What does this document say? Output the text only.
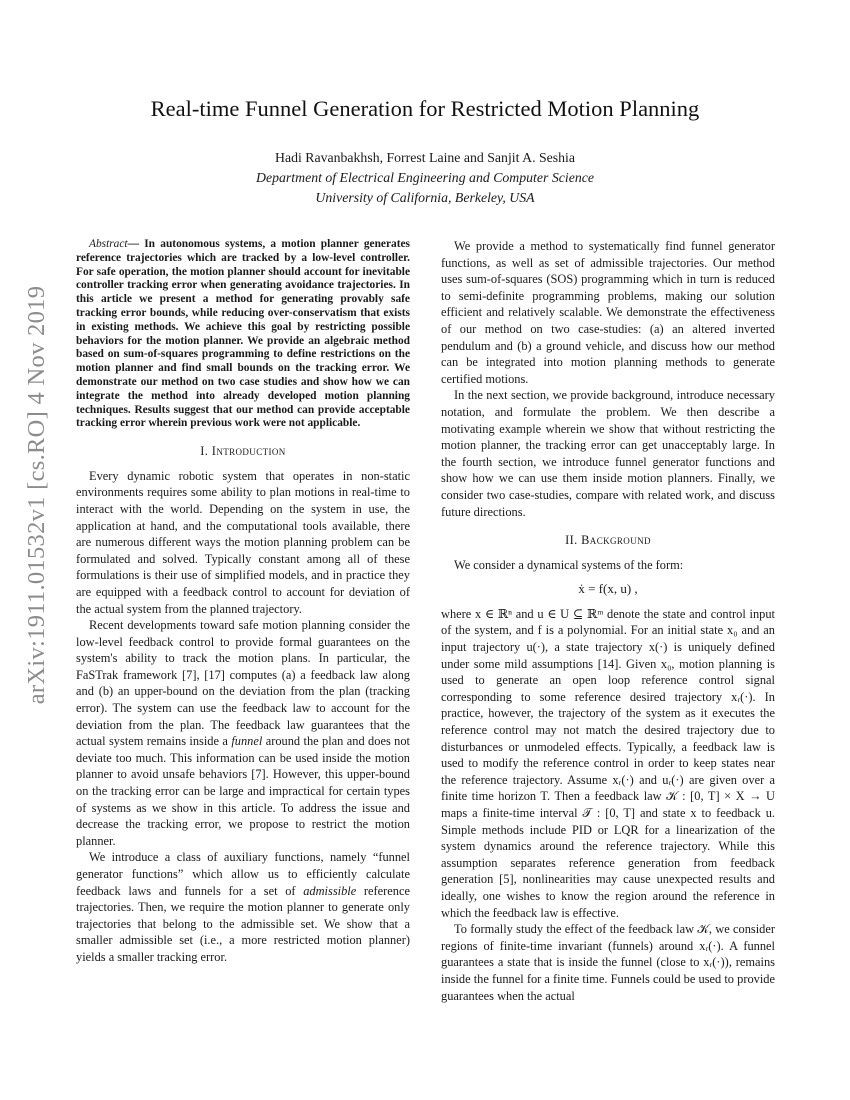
arXiv:1911.01532v1 [cs.RO] 4 Nov 2019
Real-time Funnel Generation for Restricted Motion Planning
Hadi Ravanbakhsh, Forrest Laine and Sanjit A. Seshia
Department of Electrical Engineering and Computer Science
University of California, Berkeley, USA

Abstract— In autonomous systems, a motion planner generates reference trajectories which are tracked by a low-level controller. For safe operation, the motion planner should account for inevitable controller tracking error when generating avoidance trajectories. In this article we present a method for generating provably safe tracking error bounds, while reducing over-conservatism that exists in existing methods. We achieve this goal by restricting possible behaviors for the motion planner. We provide an algebraic method based on sum-of-squares programming to define restrictions on the motion planner and find small bounds on the tracking error. We demonstrate our method on two case studies and show how we can integrate the method into already developed motion planning techniques. Results suggest that our method can provide acceptable tracking error wherein previous work were not applicable.

I. Introduction

Every dynamic robotic system that operates in non-static environments requires some ability to plan motions in real-time to interact with the world. Depending on the system in use, the application at hand, and the computational tools available, there are numerous different ways the motion planning problem can be formulated and solved. Typically constant among all of these formulations is their use of simplified models, and in practice they are equipped with a feedback control to account for deviation of the actual system from the planned trajectory.

Recent developments toward safe motion planning consider the low-level feedback control to provide formal guarantees on the system's ability to track the motion plans. In particular, the FaSTrak framework [7], [17] computes (a) a feedback law along and (b) an upper-bound on the deviation from the plan (tracking error). The system can use the feedback law to account for the deviation from the plan. The feedback law guarantees that the actual system remains inside a funnel around the plan and does not deviate too much. This information can be used inside the motion planner to avoid unsafe behaviors [7]. However, this upper-bound on the tracking error can be large and impractical for certain types of systems as we show in this article. To address the issue and decrease the tracking error, we propose to restrict the motion planner.

We introduce a class of auxiliary functions, namely “funnel generator functions” which allow us to efficiently calculate feedback laws and funnels for a set of admissible reference trajectories. Then, we require the motion planner to generate only trajectories that belong to the admissible set. We show that a smaller admissible set (i.e., a more restricted motion planner) yields a smaller tracking error.

We provide a method to systematically find funnel generator functions, as well as set of admissible trajectories. Our method uses sum-of-squares (SOS) programming which in turn is reduced to semi-definite programming problems, making our solution efficient and relatively scalable. We demonstrate the effectiveness of our method on two case-studies: (a) an altered inverted pendulum and (b) a ground vehicle, and discuss how our method can be integrated into motion planning methods to generate certified motions.

In the next section, we provide background, introduce necessary notation, and formulate the problem. We then describe a motivating example wherein we show that without restricting the motion planner, the tracking error can get unacceptably large. In the fourth section, we introduce funnel generator functions and show how we can use them inside motion planners. Finally, we consider two case-studies, compare with related work, and discuss future directions.

II. Background

We consider a dynamical systems of the form:

ẋ = f(x, u) ,

where x ∈ ℝⁿ and u ∈ U ⊆ ℝᵐ denote the state and control input of the system, and f is a polynomial. For an initial state x₀ and an input trajectory u(·), a state trajectory x(·) is uniquely defined under some mild assumptions [14]. Given x₀, motion planning is used to generate an open loop reference control signal corresponding to some reference desired trajectory xᵣ(·). In practice, however, the trajectory of the system as it executes the reference control may not match the desired trajectory due to disturbances or unmodeled effects. Typically, a feedback law is used to modify the reference control in order to keep states near the reference trajectory. Assume xᵣ(·) and uᵣ(·) are given over a finite time horizon T. Then a feedback law 𝒦 : [0, T] × X → U maps a finite-time interval 𝒯 : [0, T] and state x to feedback u. Simple methods include PID or LQR for a linearization of the system dynamics around the reference trajectory. While this assumption separates reference generation from feedback generation [5], nonlinearities may cause unexpected results and ideally, one wishes to know the region around the reference in which the feedback law is effective.

To formally study the effect of the feedback law 𝒦, we consider regions of finite-time invariant (funnels) around xᵣ(·). A funnel guarantees a state that is inside the funnel (close to xᵣ(·)), remains inside the funnel for a finite time. Funnels could be used to provide guarantees when the actual
